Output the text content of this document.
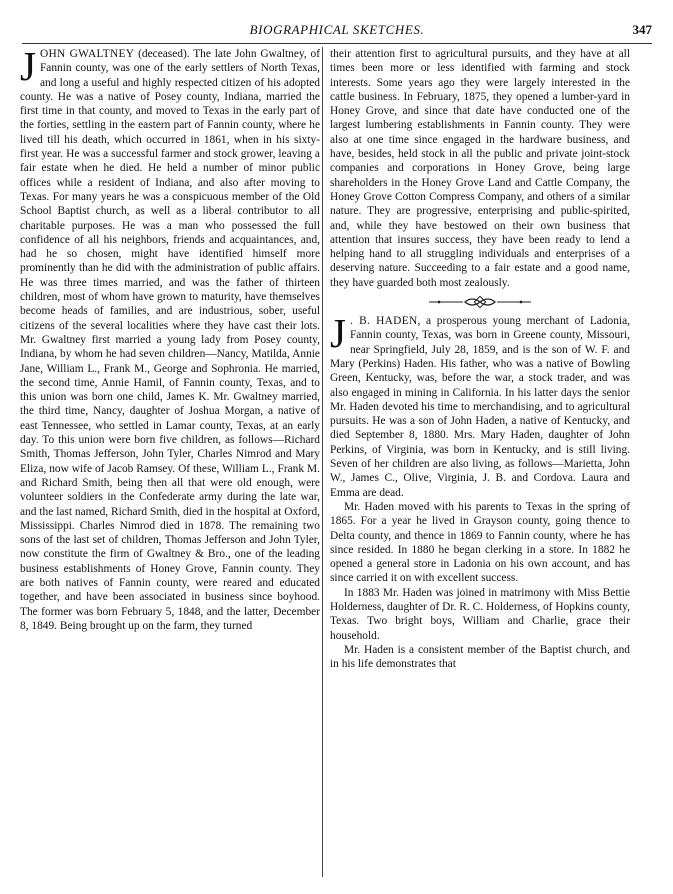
BIOGRAPHICAL SKETCHES.	347

JOHN GWALTNEY (deceased). The late John Gwaltney, of Fannin county, was one of the early settlers of North Texas, and long a useful and highly respected citizen of his adopted county. He was a native of Posey county, Indiana, married the first time in that county, and moved to Texas in the early part of the forties, settling in the eastern part of Fannin county, where he lived till his death, which occurred in 1861, when in his sixty-first year. He was a successful farmer and stock grower, leaving a fair estate when he died. He held a number of minor public offices while a resident of Indiana, and also after moving to Texas. For many years he was a conspicuous member of the Old School Baptist church, as well as a liberal contributor to all charitable purposes. He was a man who possessed the full confidence of all his neighbors, friends and acquaintances, and, had he so chosen, might have identified himself more prominently than he did with the administration of public affairs. He was three times married, and was the father of thirteen children, most of whom have grown to maturity, have themselves become heads of families, and are industrious, sober, useful citizens of the several localities where they have cast their lots. Mr. Gwaltney first married a young lady from Posey county, Indiana, by whom he had seven children—Nancy, Matilda, Annie Jane, William L., Frank M., George and Sophronia. He married, the second time, Annie Hamil, of Fannin county, Texas, and to this union was born one child, James K. Mr. Gwaltney married, the third time, Nancy, daughter of Joshua Morgan, a native of east Tennessee, who settled in Lamar county, Texas, at an early day. To this union were born five children, as follows—Richard Smith, Thomas Jefferson, John Tyler, Charles Nimrod and Mary Eliza, now wife of Jacob Ramsey. Of these, William L., Frank M. and Richard Smith, being then all that were old enough, were volunteer soldiers in the Confederate army during the late war, and the last named, Richard Smith, died in the hospital at Oxford, Mississippi. Charles Nimrod died in 1878. The remaining two sons of the last set of children, Thomas Jefferson and John Tyler, now constitute the firm of Gwaltney & Bro., one of the leading business establishments of Honey Grove, Fannin county. They are both natives of Fannin county, were reared and educated together, and have been associated in business since boyhood. The former was born February 5, 1848, and the latter, December 8, 1849. Being brought up on the farm, they turned

their attention first to agricultural pursuits, and they have at all times been more or less identified with farming and stock interests. Some years ago they were largely interested in the cattle business. In February, 1875, they opened a lumber-yard in Honey Grove, and since that date have conducted one of the largest lumbering establishments in Fannin county. They were also at one time since engaged in the hardware business, and have, besides, held stock in all the public and private joint-stock companies and corporations in Honey Grove, being large shareholders in the Honey Grove Land and Cattle Company, the Honey Grove Cotton Compress Company, and others of a similar nature. They are progressive, enterprising and public-spirited, and, while they have bestowed on their own business that attention that insures success, they have been ready to lend a helping hand to all struggling individuals and enterprises of a deserving nature. Succeeding to a fair estate and a good name, they have guarded both most zealously.

J . B. HADEN, a prosperous young merchant of Ladonia, Fannin county, Texas, was born in Greene county, Missouri, near Springfield, July 28, 1859, and is the son of W. F. and Mary (Perkins) Haden. His father, who was a native of Bowling Green, Kentucky, was, before the war, a stock trader, and was also engaged in mining in California. In his latter days the senior Mr. Haden devoted his time to merchandising, and to agricultural pursuits. He was a son of John Haden, a native of Kentucky, and died September 8, 1880. Mrs. Mary Haden, daughter of John Perkins, of Virginia, was born in Kentucky, and is still living. Seven of her children are also living, as follows—Marietta, John W., James C., Olive, Virginia, J. B. and Cordova. Laura and Emma are dead.

Mr. Haden moved with his parents to Texas in the spring of 1865. For a year he lived in Grayson county, going thence to Delta county, and thence in 1869 to Fannin county, where he has since resided. In 1880 he began clerking in a store. In 1882 he opened a general store in Ladonia on his own account, and has since carried it on with excellent success.

In 1883 Mr. Haden was joined in matrimony with Miss Bettie Holderness, daughter of Dr. R. C. Holderness, of Hopkins county, Texas. Two bright boys, William and Charlie, grace their household.

Mr. Haden is a consistent member of the Baptist church, and in his life demonstrates that
